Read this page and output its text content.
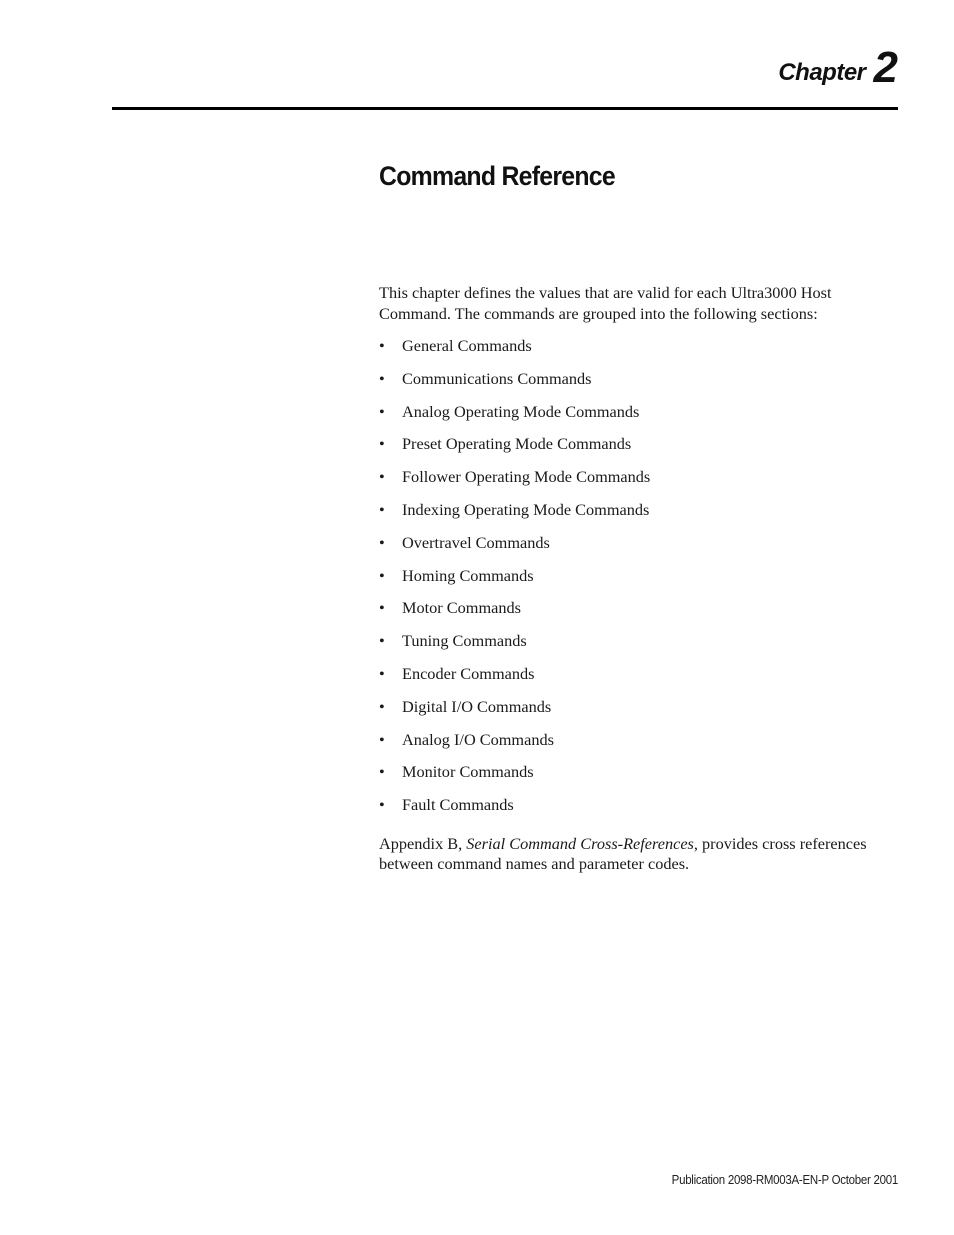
Chapter 2
Command Reference

This chapter defines the values that are valid for each Ultra3000 Host Command. The commands are grouped into the following sections:

• General Commands
• Communications Commands
• Analog Operating Mode Commands
• Preset Operating Mode Commands
• Follower Operating Mode Commands
• Indexing Operating Mode Commands
• Overtravel Commands
• Homing Commands
• Motor Commands
• Tuning Commands
• Encoder Commands
• Digital I/O Commands
• Analog I/O Commands
• Monitor Commands
• Fault Commands

Appendix B, Serial Command Cross-References, provides cross references between command names and parameter codes.

Publication 2098-RM003A-EN-P October 2001
